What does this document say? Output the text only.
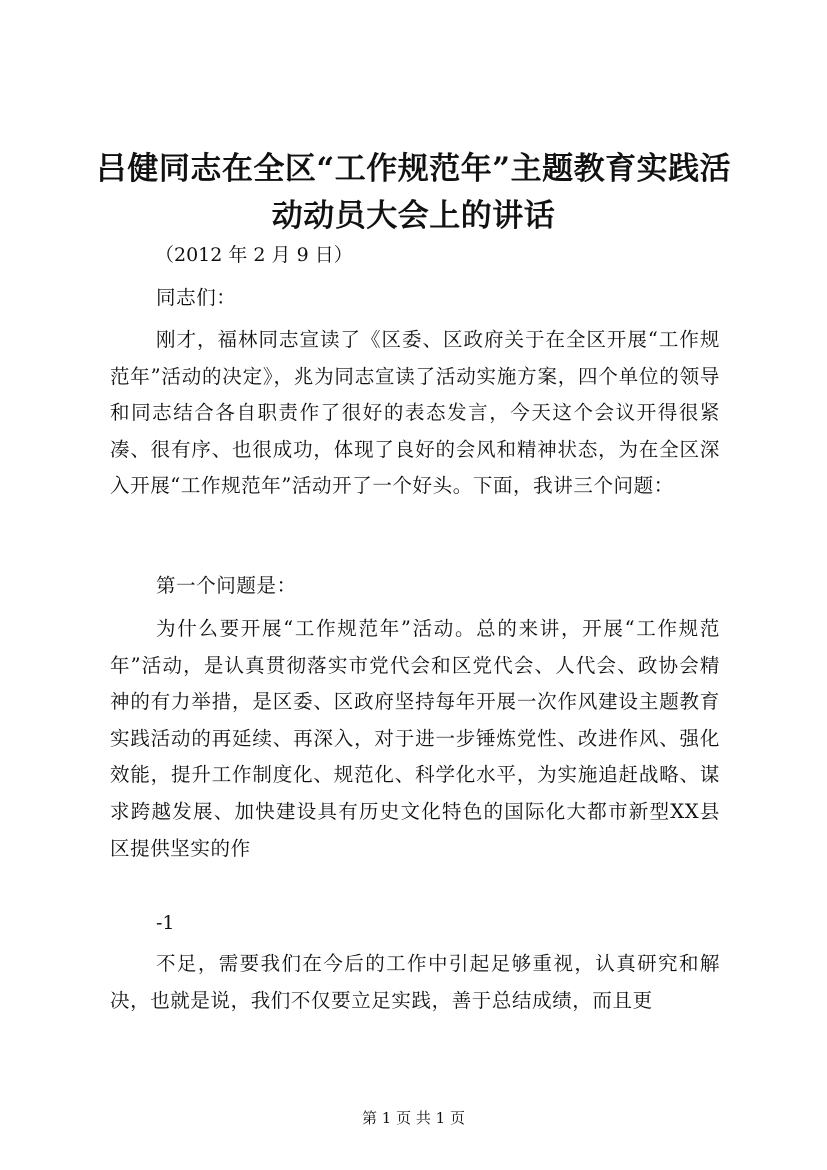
吕健同志在全区“工作规范年”主题教育实践活动动员大会上的讲话

（2012 年 2 月 9 日）

同志们：

刚才，福林同志宣读了《区委、区政府关于在全区开展“工作规范年”活动的决定》，兆为同志宣读了活动实施方案，四个单位的领导和同志结合各自职责作了很好的表态发言，今天这个会议开得很紧凑、很有序、也很成功，体现了良好的会风和精神状态，为在全区深入开展“工作规范年”活动开了一个好头。下面，我讲三个问题：

第一个问题是：

为什么要开展“工作规范年”活动。总的来讲，开展“工作规范年”活动，是认真贯彻落实市党代会和区党代会、人代会、政协会精神的有力举措，是区委、区政府坚持每年开展一次作风建设主题教育实践活动的再延续、再深入，对于进一步锤炼党性、改进作风、强化效能，提升工作制度化、规范化、科学化水平，为实施追赶战略、谋求跨越发展、加快建设具有历史文化特色的国际化大都市新型XX县区提供坚实的作

-1

不足，需要我们在今后的工作中引起足够重视，认真研究和解决，也就是说，我们不仅要立足实践，善于总结成绩，而且更

第 1 页 共 1 页
